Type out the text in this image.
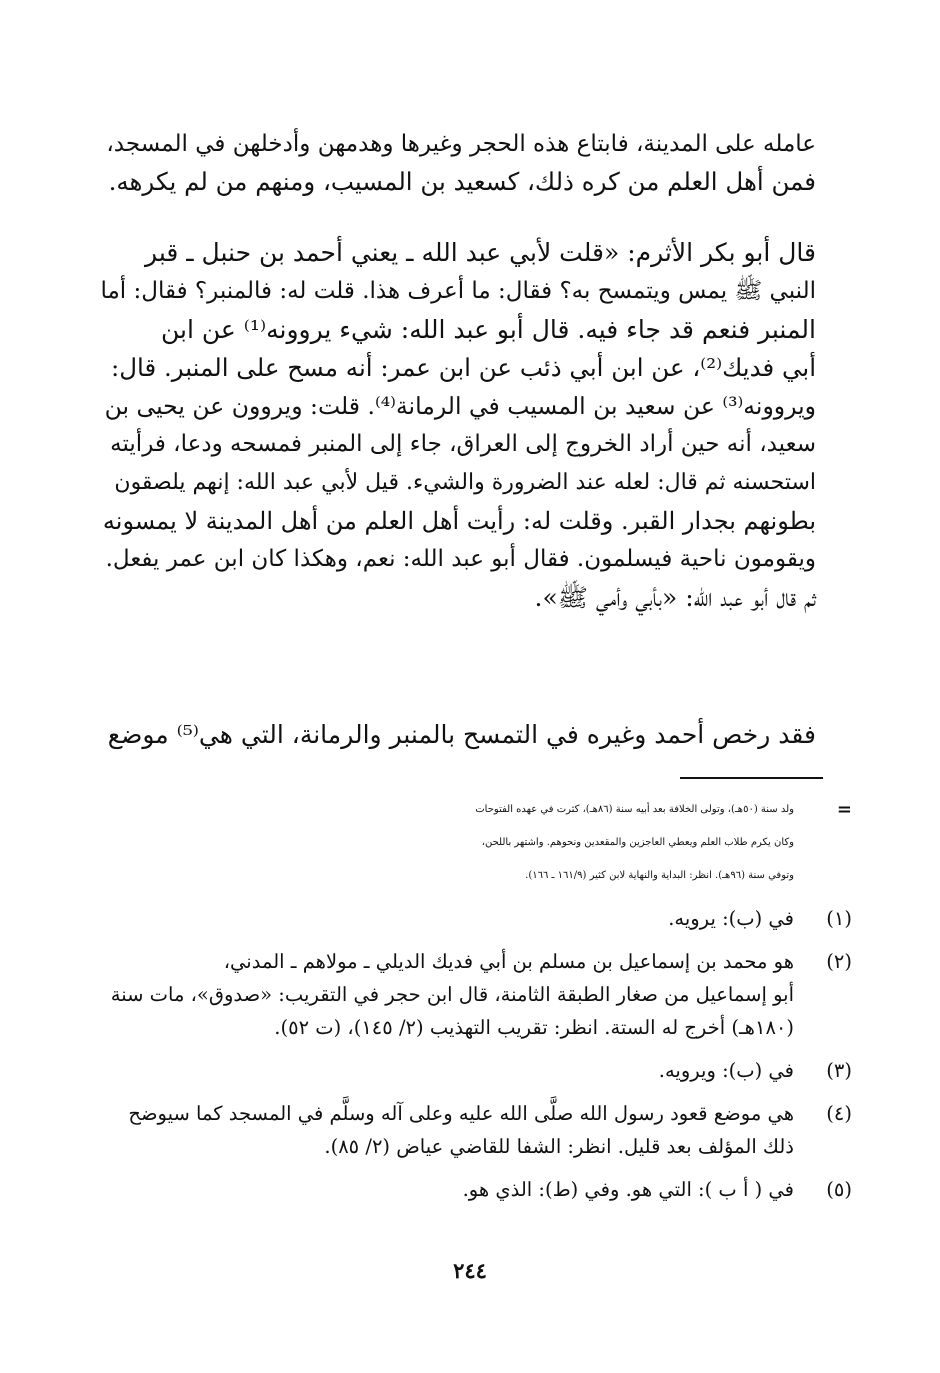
عامله على المدينة، فابتاع هذه الحجر وغيرها وهدمهن وأدخلهن في المسجد،
فمن أهل العلم من كره ذلك، كسعيد بن المسيب، ومنهم من لم يكرهه.
قال أبو بكر الأثرم: «قلت لأبي عبد الله ـ يعني أحمد بن حنبل ـ قبر
النبي ﷺ يمس ويتمسح به؟ فقال: ما أعرف هذا. قلت له: فالمنبر؟ فقال: أما
المنبر فنعم قد جاء فيه. قال أبو عبد الله: شيء يروونه⁽¹⁾ عن ابن
أبي فديك⁽²⁾، عن ابن أبي ذئب عن ابن عمر: أنه مسح على المنبر. قال:
ويروونه⁽³⁾ عن سعيد بن المسيب في الرمانة⁽⁴⁾. قلت: ويروون عن يحيى بن
سعيد، أنه حين أراد الخروج إلى العراق، جاء إلى المنبر فمسحه ودعا، فرأيته
استحسنه ثم قال: لعله عند الضرورة والشيء. قيل لأبي عبد الله: إنهم يلصقون
بطونهم بجدار القبر. وقلت له: رأيت أهل العلم من أهل المدينة لا يمسونه
ويقومون ناحية فيسلمون. فقال أبو عبد الله: نعم، وهكذا كان ابن عمر يفعل.
ثم قال أبو عبد الله: «بأبي وأمي ﷺ».
فقد رخص أحمد وغيره في التمسح بالمنبر والرمانة، التي هي⁽⁵⁾ موضع
=
ولد سنة (٥٠هـ)، وتولى الخلافة بعد أبيه سنة (٨٦هـ)، كثرت في عهده الفتوحات
وكان يكرم طلاب العلم ويعطي العاجزين والمقعدين ونحوهم. واشتهر باللحن،
وتوفي سنة (٩٦هـ). انظر: البداية والنهاية لابن كثير (١٦١/٩ ـ ١٦٦).
(١)
في (ب): يرويه.
(٢)
هو محمد بن إسماعيل بن مسلم بن أبي فديك الديلي ـ مولاهم ـ المدني،
أبو إسماعيل من صغار الطبقة الثامنة، قال ابن حجر في التقريب: «صدوق»، مات سنة
(١٨٠هـ) أخرج له الستة. انظر: تقريب التهذيب (٢/ ١٤٥)، (ت ٥٢).
(٣)
في (ب): ويرويه.
(٤)
هي موضع قعود رسول الله صلَّى الله عليه وعلى آله وسلَّم في المسجد كما سيوضح
ذلك المؤلف بعد قليل. انظر: الشفا للقاضي عياض (٢/ ٨٥).
(٥)
في ( أ ب ): التي هو. وفي (ط): الذي هو.
٢٤٤
